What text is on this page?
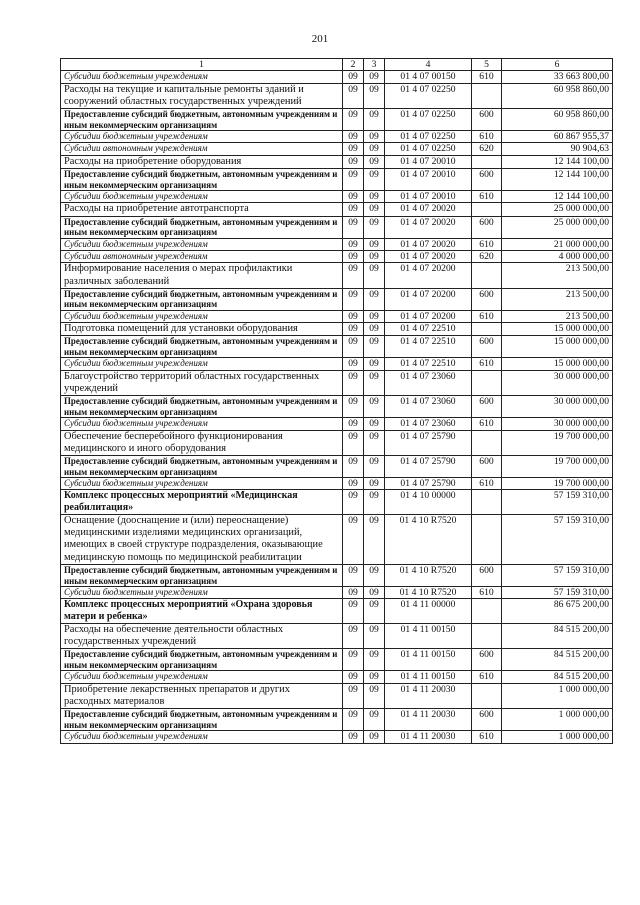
201
1	2	3	4	5	6
Субсидии бюджетным учреждениям	09	09	01 4 07 00150	610	33 663 800,00
Расходы на текущие и капитальные ремонты зданий и сооружений областных государственных учреждений	09	09	01 4 07 02250		60 958 860,00
Предоставление субсидий бюджетным, автономным учреждениям и иным некоммерческим организациям	09	09	01 4 07 02250	600	60 958 860,00
Субсидии бюджетным учреждениям	09	09	01 4 07 02250	610	60 867 955,37
Субсидии автономным учреждениям	09	09	01 4 07 02250	620	90 904,63
Расходы на приобретение оборудования	09	09	01 4 07 20010		12 144 100,00
Предоставление субсидий бюджетным, автономным учреждениям и иным некоммерческим организациям	09	09	01 4 07 20010	600	12 144 100,00
Субсидии бюджетным учреждениям	09	09	01 4 07 20010	610	12 144 100,00
Расходы на приобретение автотранспорта	09	09	01 4 07 20020		25 000 000,00
Предоставление субсидий бюджетным, автономным учреждениям и иным некоммерческим организациям	09	09	01 4 07 20020	600	25 000 000,00
Субсидии бюджетным учреждениям	09	09	01 4 07 20020	610	21 000 000,00
Субсидии автономным учреждениям	09	09	01 4 07 20020	620	4 000 000,00
Информирование населения о мерах профилактики различных заболеваний	09	09	01 4 07 20200		213 500,00
Предоставление субсидий бюджетным, автономным учреждениям и иным некоммерческим организациям	09	09	01 4 07 20200	600	213 500,00
Субсидии бюджетным учреждениям	09	09	01 4 07 20200	610	213 500,00
Подготовка помещений для установки оборудования	09	09	01 4 07 22510		15 000 000,00
Предоставление субсидий бюджетным, автономным учреждениям и иным некоммерческим организациям	09	09	01 4 07 22510	600	15 000 000,00
Субсидии бюджетным учреждениям	09	09	01 4 07 22510	610	15 000 000,00
Благоустройство территорий областных государственных учреждений	09	09	01 4 07 23060		30 000 000,00
Предоставление субсидий бюджетным, автономным учреждениям и иным некоммерческим организациям	09	09	01 4 07 23060	600	30 000 000,00
Субсидии бюджетным учреждениям	09	09	01 4 07 23060	610	30 000 000,00
Обеспечение бесперебойного функционирования медицинского и иного оборудования	09	09	01 4 07 25790		19 700 000,00
Предоставление субсидий бюджетным, автономным учреждениям и иным некоммерческим организациям	09	09	01 4 07 25790	600	19 700 000,00
Субсидии бюджетным учреждениям	09	09	01 4 07 25790	610	19 700 000,00
Комплекс процессных мероприятий «Медицинская реабилитация»	09	09	01 4 10 00000		57 159 310,00
Оснащение (дооснащение и (или) переоснащение) медицинскими изделиями медицинских организаций, имеющих в своей структуре подразделения, оказывающие медицинскую помощь по медицинской реабилитации	09	09	01 4 10 R7520		57 159 310,00
Предоставление субсидий бюджетным, автономным учреждениям и иным некоммерческим организациям	09	09	01 4 10 R7520	600	57 159 310,00
Субсидии бюджетным учреждениям	09	09	01 4 10 R7520	610	57 159 310,00
Комплекс процессных мероприятий «Охрана здоровья матери и ребенка»	09	09	01 4 11 00000		86 675 200,00
Расходы на обеспечение деятельности областных государственных учреждений	09	09	01 4 11 00150		84 515 200,00
Предоставление субсидий бюджетным, автономным учреждениям и иным некоммерческим организациям	09	09	01 4 11 00150	600	84 515 200,00
Субсидии бюджетным учреждениям	09	09	01 4 11 00150	610	84 515 200,00
Приобретение лекарственных препаратов и других расходных материалов	09	09	01 4 11 20030		1 000 000,00
Предоставление субсидий бюджетным, автономным учреждениям и иным некоммерческим организациям	09	09	01 4 11 20030	600	1 000 000,00
Субсидии бюджетным учреждениям	09	09	01 4 11 20030	610	1 000 000,00
